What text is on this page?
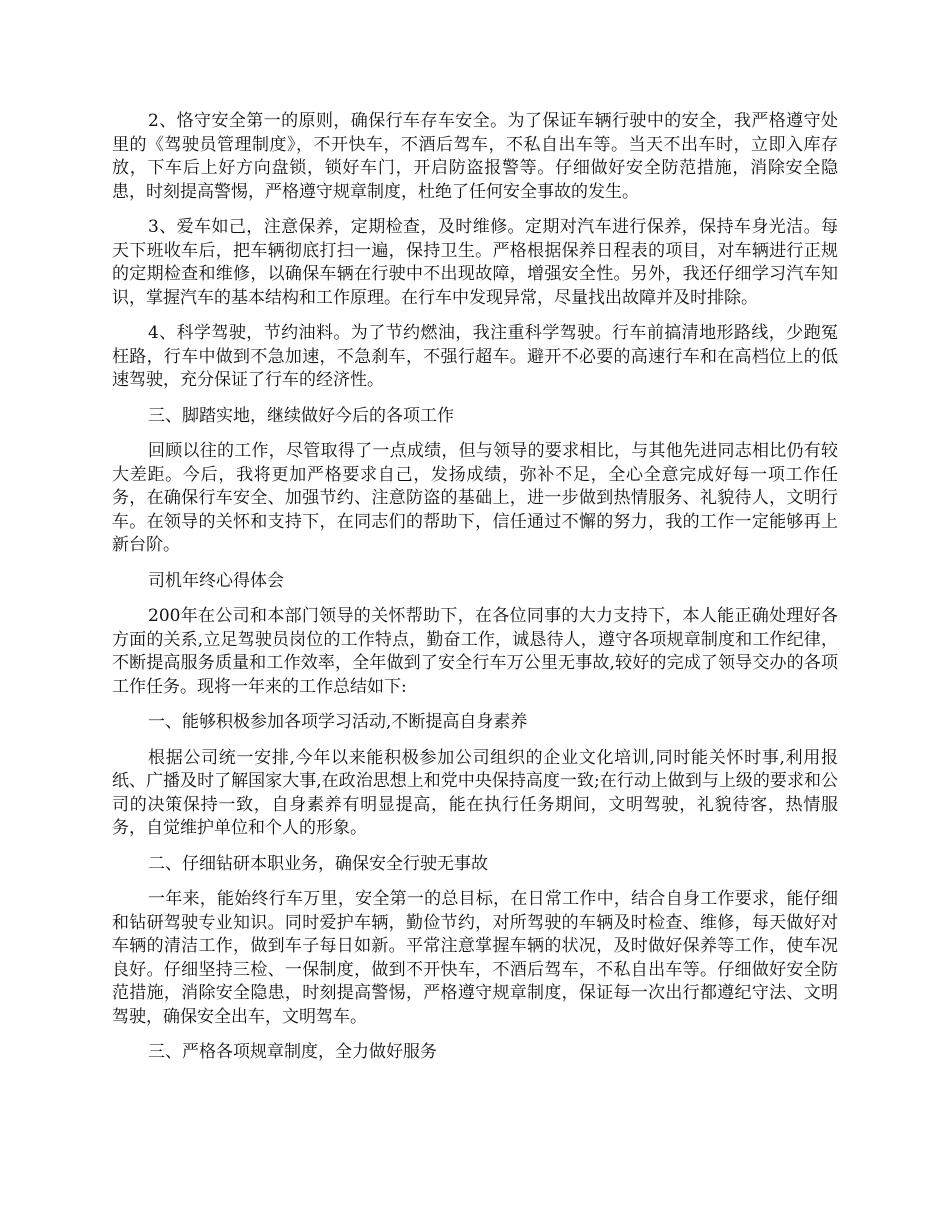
2、恪守安全第一的原则，确保行车存车安全。为了保证车辆行驶中的安全，我严格遵守处里的《驾驶员管理制度》，不开快车，不酒后驾车，不私自出车等。当天不出车时，立即入库存放，下车后上好方向盘锁，锁好车门，开启防盗报警等。仔细做好安全防范措施，消除安全隐患，时刻提高警惕，严格遵守规章制度，杜绝了任何安全事故的发生。

3、爱车如己，注意保养，定期检查，及时维修。定期对汽车进行保养，保持车身光洁。每天下班收车后，把车辆彻底打扫一遍，保持卫生。严格根据保养日程表的项目，对车辆进行正规的定期检查和维修，以确保车辆在行驶中不出现故障，增强安全性。另外，我还仔细学习汽车知识，掌握汽车的基本结构和工作原理。在行车中发现异常，尽量找出故障并及时排除。

4、科学驾驶，节约油料。为了节约燃油，我注重科学驾驶。行车前搞清地形路线，少跑冤枉路，行车中做到不急加速，不急刹车，不强行超车。避开不必要的高速行车和在高档位上的低速驾驶，充分保证了行车的经济性。

三、脚踏实地，继续做好今后的各项工作

回顾以往的工作，尽管取得了一点成绩，但与领导的要求相比，与其他先进同志相比仍有较大差距。今后，我将更加严格要求自己，发扬成绩，弥补不足，全心全意完成好每一项工作任务，在确保行车安全、加强节约、注意防盗的基础上，进一步做到热情服务、礼貌待人，文明行车。在领导的关怀和支持下，在同志们的帮助下，信任通过不懈的努力，我的工作一定能够再上新台阶。

司机年终心得体会

200年在公司和本部门领导的关怀帮助下，在各位同事的大力支持下，本人能正确处理好各方面的关系,立足驾驶员岗位的工作特点，勤奋工作，诚恳待人，遵守各项规章制度和工作纪律，不断提高服务质量和工作效率，全年做到了安全行车万公里无事故,较好的完成了领导交办的各项工作任务。现将一年来的工作总结如下:

一、能够积极参加各项学习活动,不断提高自身素养

根据公司统一安排,今年以来能积极参加公司组织的企业文化培训,同时能关怀时事,利用报纸、广播及时了解国家大事,在政治思想上和党中央保持高度一致;在行动上做到与上级的要求和公司的决策保持一致，自身素养有明显提高，能在执行任务期间，文明驾驶，礼貌待客，热情服务，自觉维护单位和个人的形象。

二、仔细钻研本职业务，确保安全行驶无事故

一年来，能始终行车万里，安全第一的总目标，在日常工作中，结合自身工作要求，能仔细和钻研驾驶专业知识。同时爱护车辆，勤俭节约，对所驾驶的车辆及时检查、维修，每天做好对车辆的清洁工作，做到车子每日如新。平常注意掌握车辆的状况，及时做好保养等工作，使车况良好。仔细坚持三检、一保制度，做到不开快车，不酒后驾车，不私自出车等。仔细做好安全防范措施，消除安全隐患，时刻提高警惕，严格遵守规章制度，保证每一次出行都遵纪守法、文明驾驶，确保安全出车，文明驾车。

三、严格各项规章制度，全力做好服务
